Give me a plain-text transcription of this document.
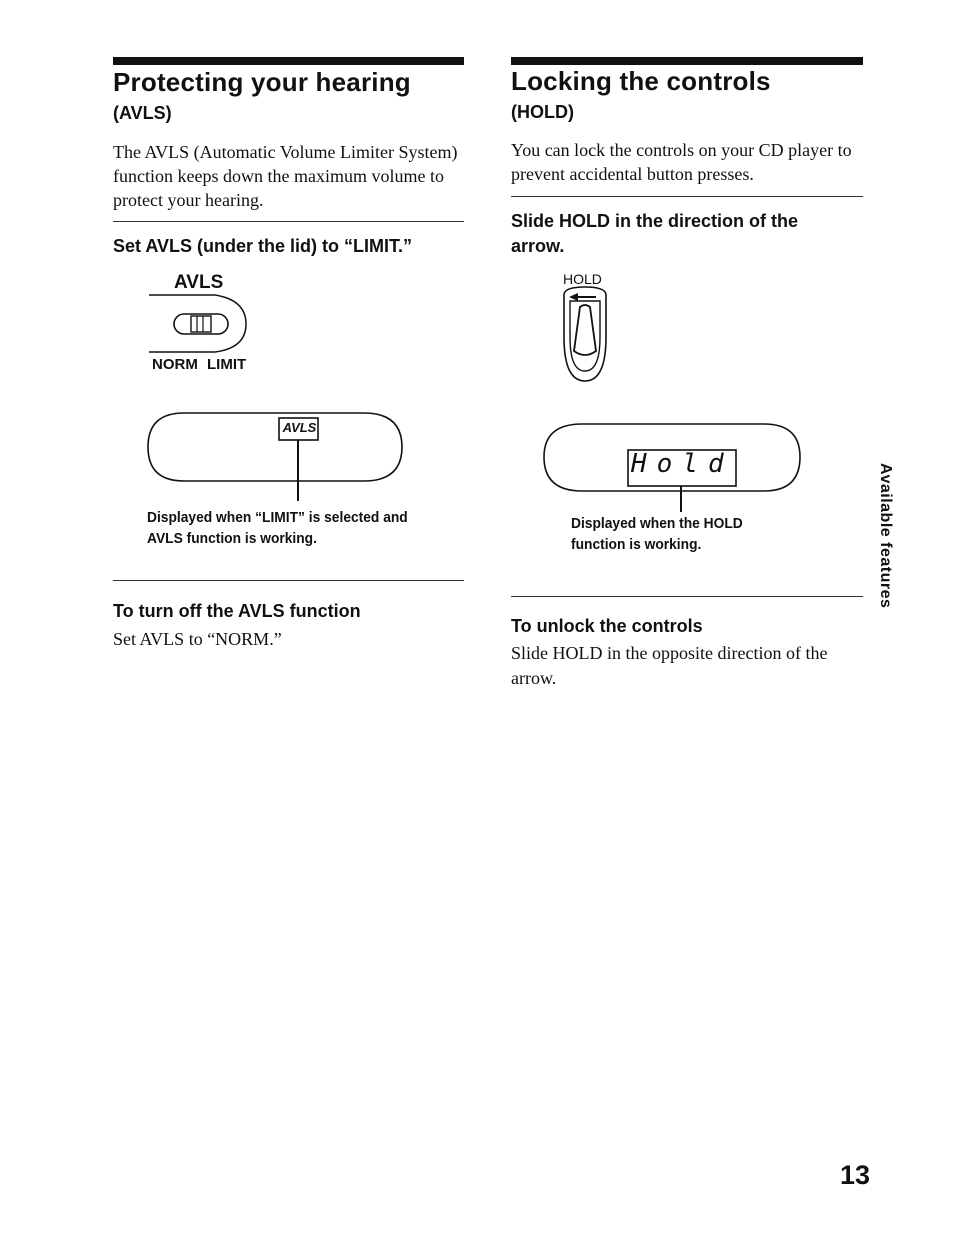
Protecting your hearing
(AVLS)
The AVLS (Automatic Volume Limiter System) function keeps down the maximum volume to protect your hearing.
Set AVLS (under the lid) to “LIMIT.”
AVLS
NORM LIMIT
AVLS
Displayed when “LIMIT” is selected and AVLS function is working.
To turn off the AVLS function
Set AVLS to “NORM.”
Locking the controls
(HOLD)
You can lock the controls on your CD player to prevent accidental button presses.
Slide HOLD in the direction of the arrow.
HOLD
Hold
Displayed when the HOLD function is working.
To unlock the controls
Slide HOLD in the opposite direction of the arrow.
Available features
13
